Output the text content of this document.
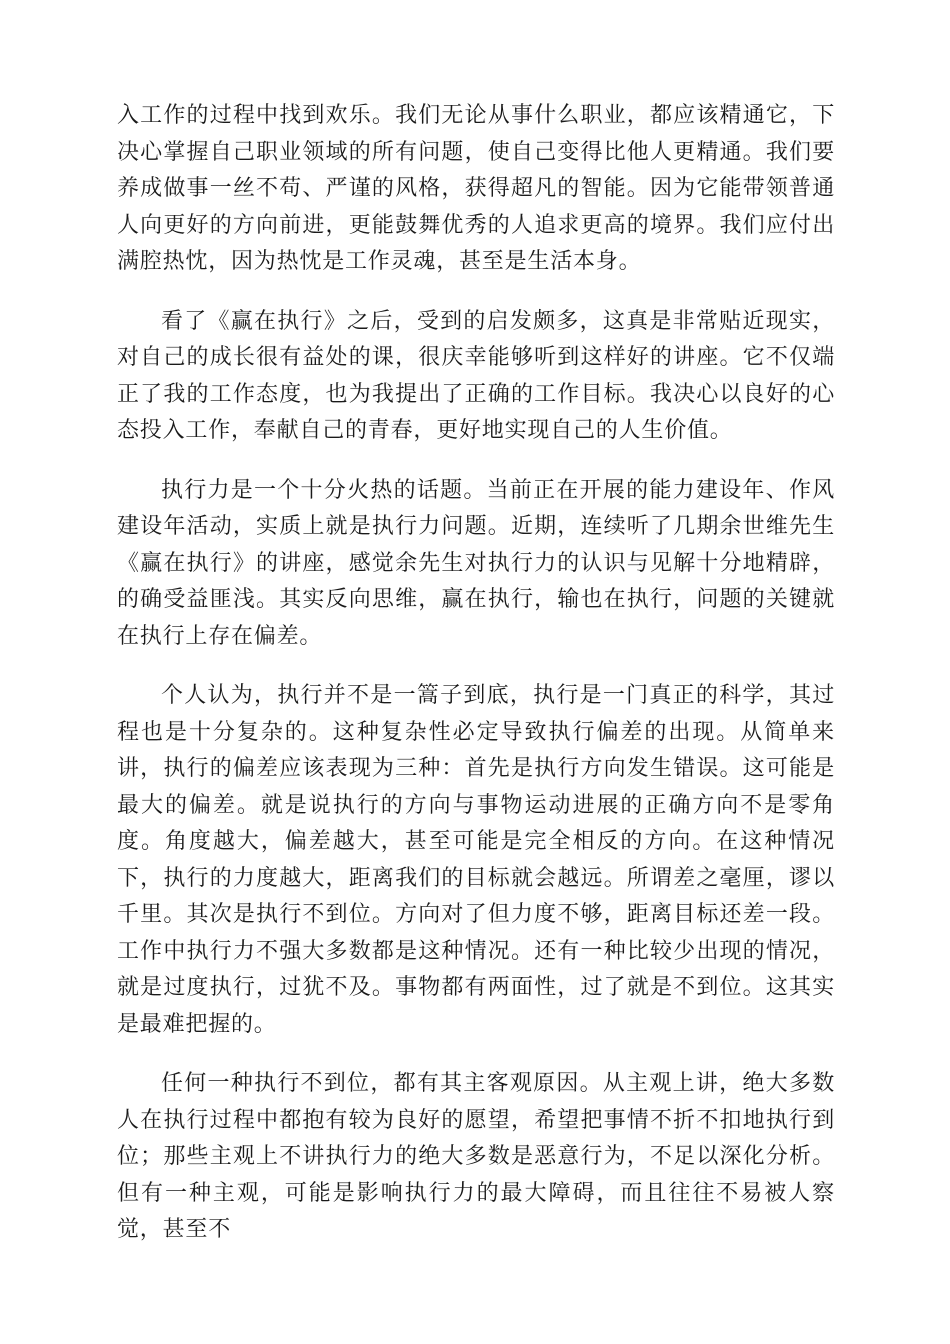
入工作的过程中找到欢乐。我们无论从事什么职业，都应该精通它，下决心掌握自己职业领域的所有问题，使自己变得比他人更精通。我们要养成做事一丝不苟、严谨的风格，获得超凡的智能。因为它能带领普通人向更好的方向前进，更能鼓舞优秀的人追求更高的境界。我们应付出满腔热忱，因为热忱是工作灵魂，甚至是生活本身。

看了《赢在执行》之后，受到的启发颇多，这真是非常贴近现实，对自己的成长很有益处的课，很庆幸能够听到这样好的讲座。它不仅端正了我的工作态度，也为我提出了正确的工作目标。我决心以良好的心态投入工作，奉献自己的青春，更好地实现自己的人生价值。

执行力是一个十分火热的话题。当前正在开展的能力建设年、作风建设年活动，实质上就是执行力问题。近期，连续听了几期余世维先生《赢在执行》的讲座，感觉余先生对执行力的认识与见解十分地精辟，的确受益匪浅。其实反向思维，赢在执行，输也在执行，问题的关键就在执行上存在偏差。

个人认为，执行并不是一篙子到底，执行是一门真正的科学，其过程也是十分复杂的。这种复杂性必定导致执行偏差的出现。从简单来讲，执行的偏差应该表现为三种：首先是执行方向发生错误。这可能是最大的偏差。就是说执行的方向与事物运动进展的正确方向不是零角度。角度越大，偏差越大，甚至可能是完全相反的方向。在这种情况下，执行的力度越大，距离我们的目标就会越远。所谓差之毫厘，谬以千里。其次是执行不到位。方向对了但力度不够，距离目标还差一段。工作中执行力不强大多数都是这种情况。还有一种比较少出现的情况，就是过度执行，过犹不及。事物都有两面性，过了就是不到位。这其实是最难把握的。

任何一种执行不到位，都有其主客观原因。从主观上讲，绝大多数人在执行过程中都抱有较为良好的愿望，希望把事情不折不扣地执行到位；那些主观上不讲执行力的绝大多数是恶意行为，不足以深化分析。但有一种主观，可能是影响执行力的最大障碍，而且往往不易被人察觉，甚至不
